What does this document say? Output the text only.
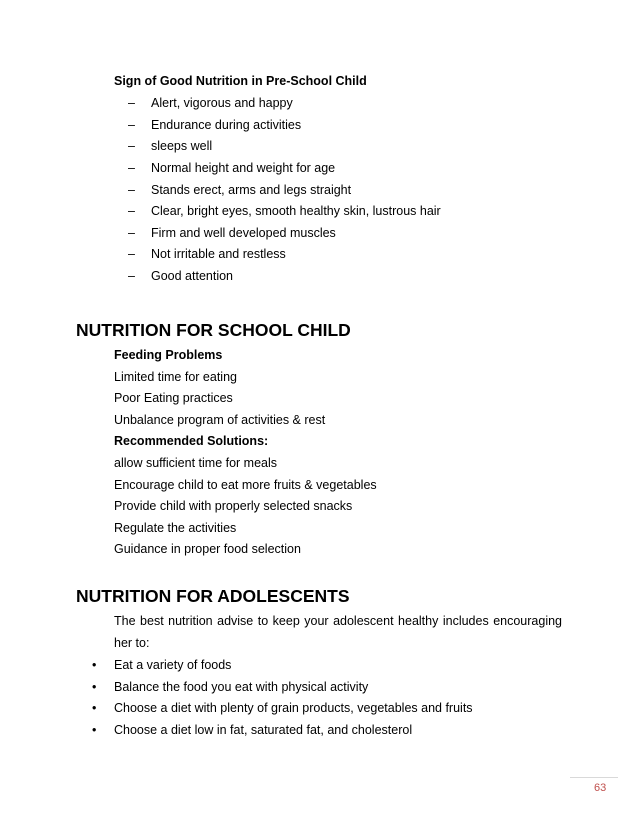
Sign of Good Nutrition in Pre-School Child
– Alert, vigorous and happy
– Endurance during activities
– sleeps well
– Normal height and weight for age
– Stands erect, arms and legs straight
– Clear, bright eyes, smooth healthy skin, lustrous hair
– Firm and well developed muscles
– Not irritable and restless
– Good attention
NUTRITION FOR SCHOOL CHILD
Feeding Problems
Limited time for eating
Poor Eating practices
Unbalance program of activities & rest
Recommended Solutions:
allow sufficient time for meals
Encourage child to eat more fruits & vegetables
Provide child with properly selected snacks
Regulate the activities
Guidance in proper food selection
NUTRITION FOR ADOLESCENTS
The best nutrition advise to keep your adolescent healthy includes encouraging
her to:
• Eat a variety of foods
• Balance the food you eat with physical activity
• Choose a diet with plenty of grain products, vegetables and fruits
• Choose a diet low in fat, saturated fat, and cholesterol
63
